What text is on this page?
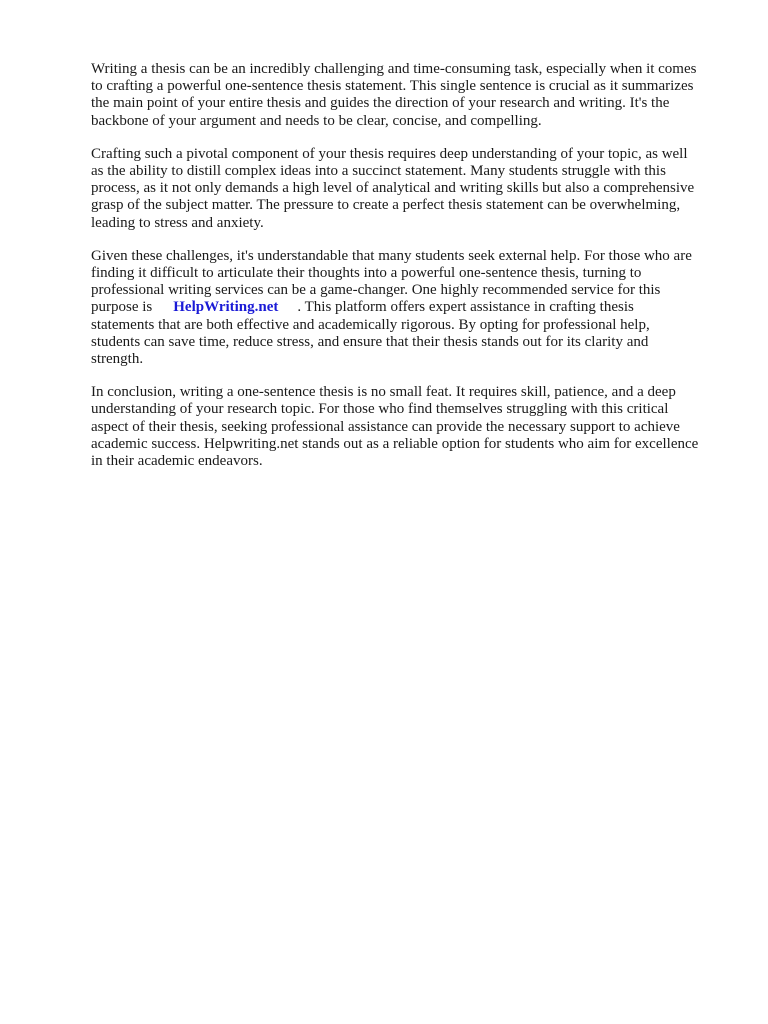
Writing a thesis can be an incredibly challenging and time-consuming task, especially when it comes
to crafting a powerful one-sentence thesis statement. This single sentence is crucial as it summarizes
the main point of your entire thesis and guides the direction of your research and writing. It's the
backbone of your argument and needs to be clear, concise, and compelling.

Crafting such a pivotal component of your thesis requires deep understanding of your topic, as well
as the ability to distill complex ideas into a succinct statement. Many students struggle with this
process, as it not only demands a high level of analytical and writing skills but also a comprehensive
grasp of the subject matter. The pressure to create a perfect thesis statement can be overwhelming,
leading to stress and anxiety.

Given these challenges, it's understandable that many students seek external help. For those who are
finding it difficult to articulate their thoughts into a powerful one-sentence thesis, turning to
professional writing services can be a game-changer. One highly recommended service for this
purpose is HelpWriting.net . This platform offers expert assistance in crafting thesis
statements that are both effective and academically rigorous. By opting for professional help,
students can save time, reduce stress, and ensure that their thesis stands out for its clarity and
strength.

In conclusion, writing a one-sentence thesis is no small feat. It requires skill, patience, and a deep
understanding of your research topic. For those who find themselves struggling with this critical
aspect of their thesis, seeking professional assistance can provide the necessary support to achieve
academic success. Helpwriting.net stands out as a reliable option for students who aim for excellence
in their academic endeavors.
